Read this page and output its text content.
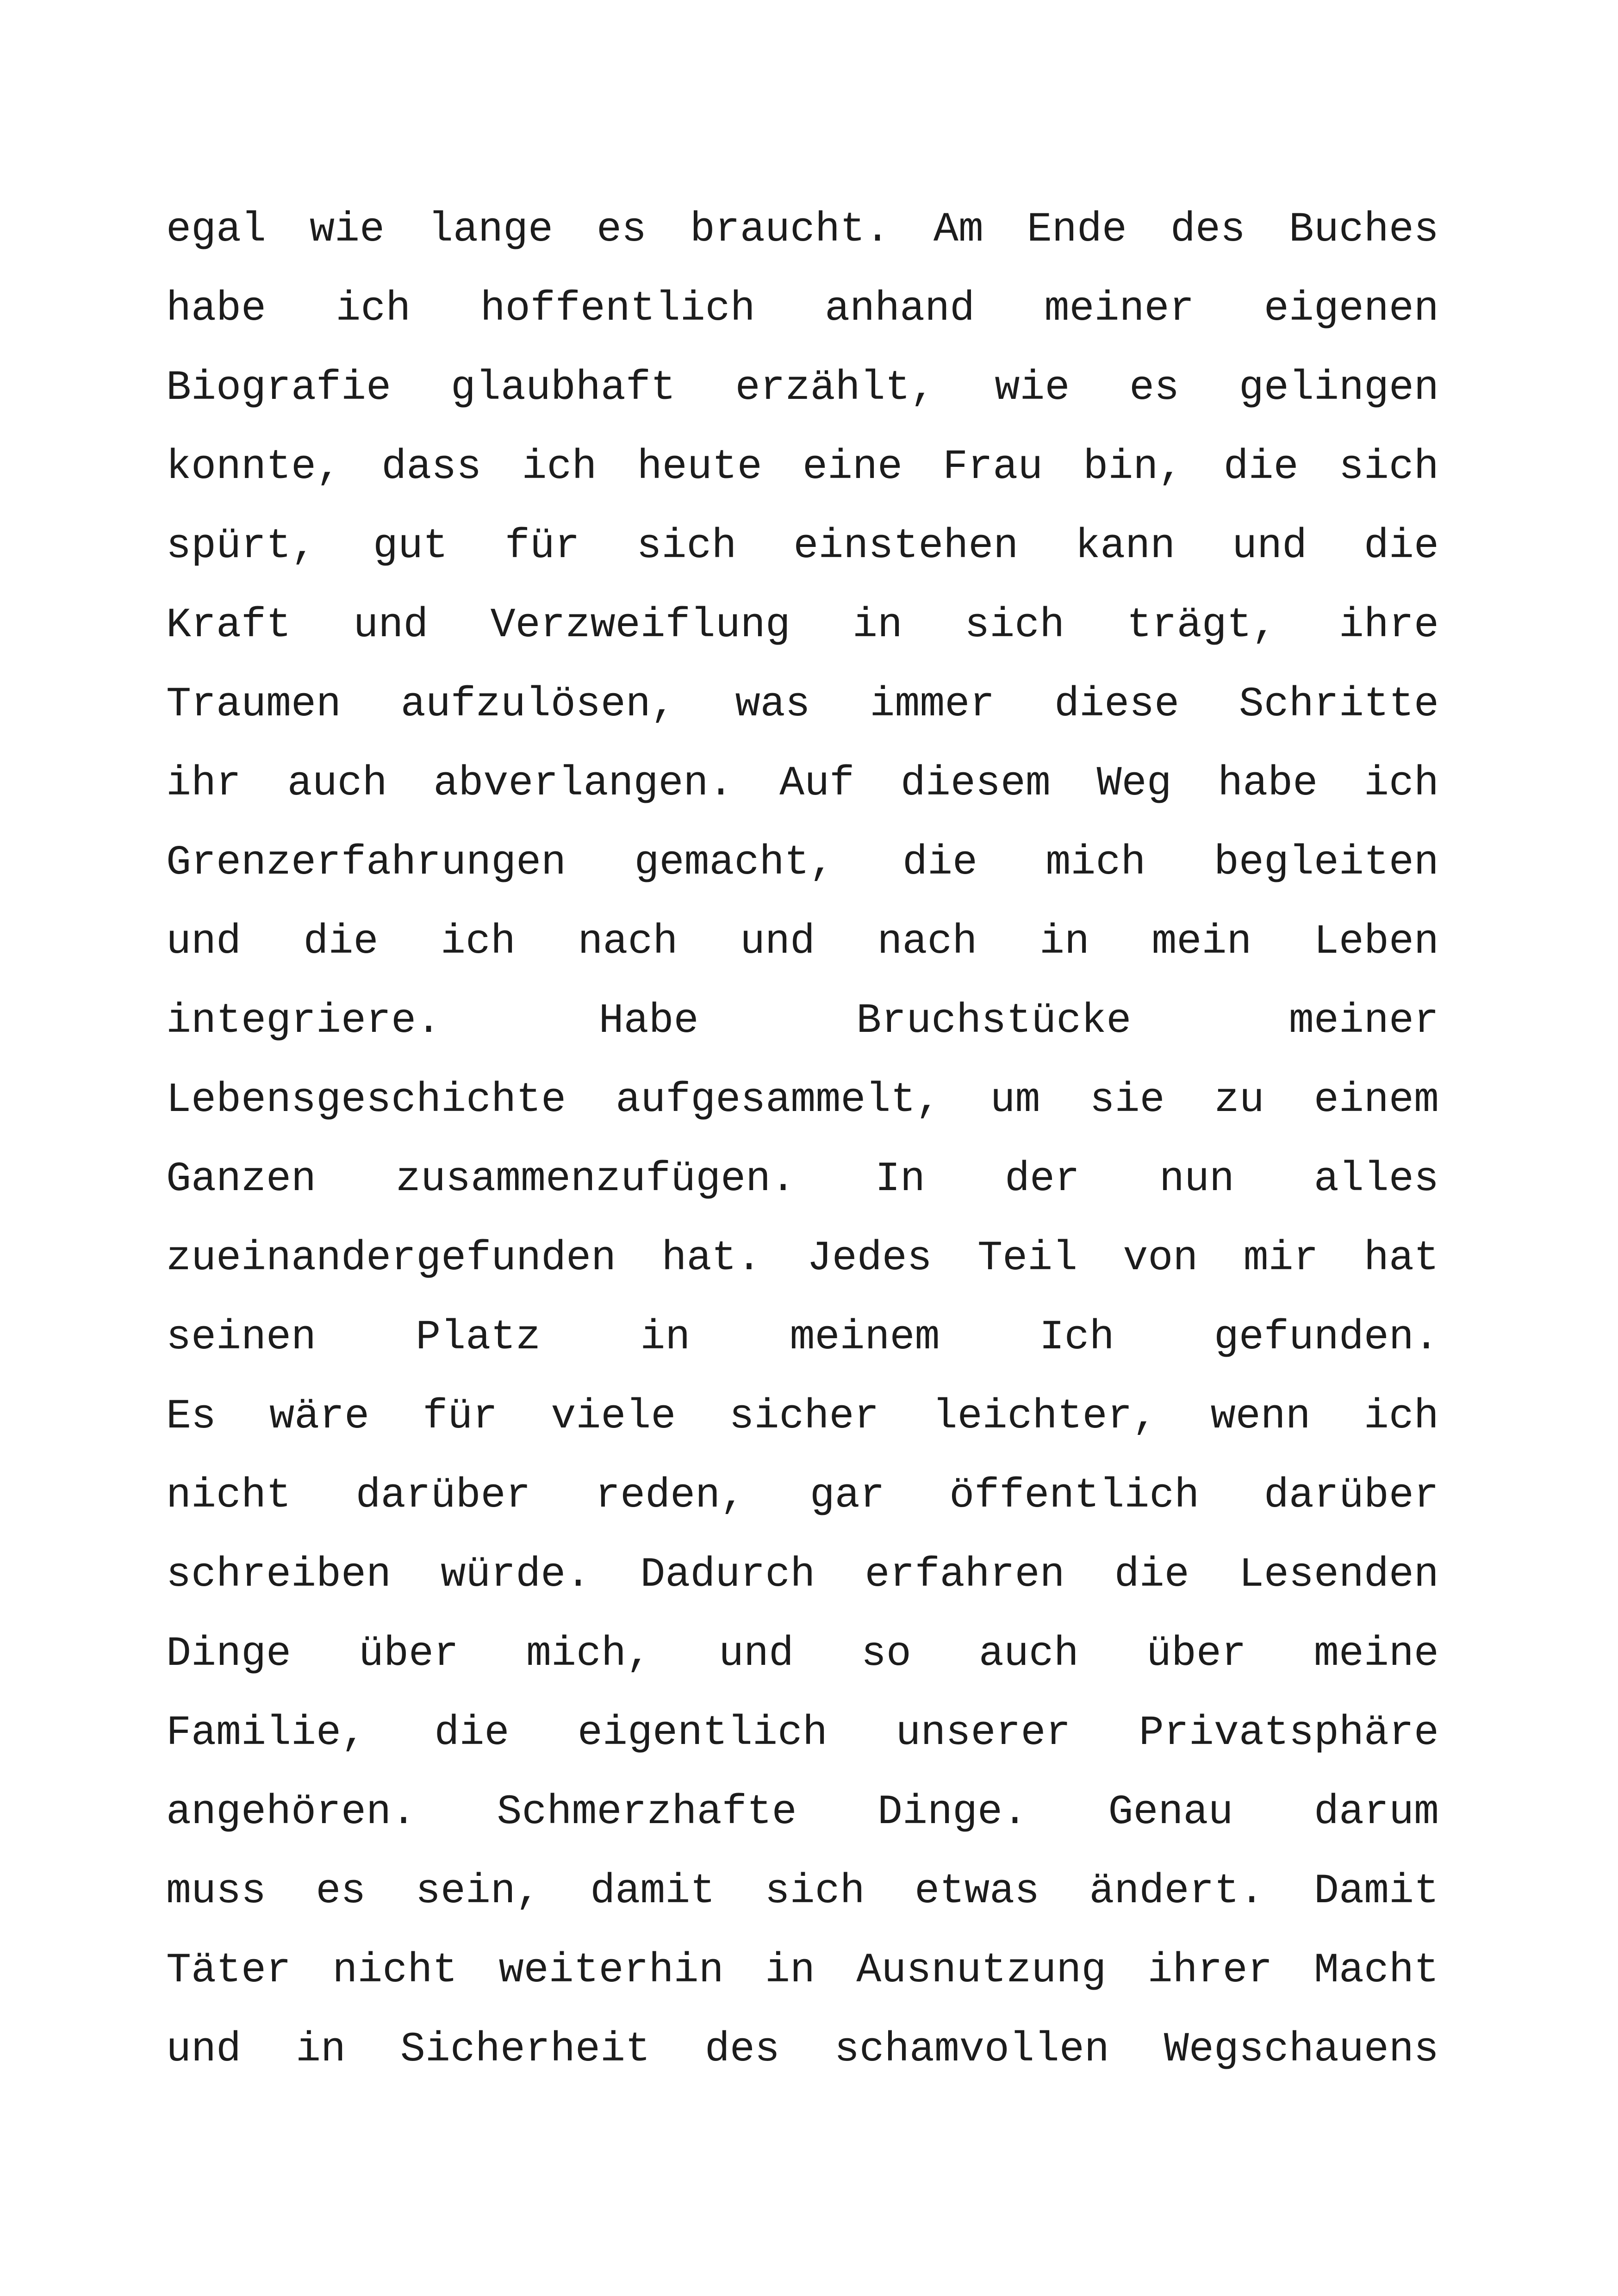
egal wie lange es braucht. Am Ende des Buches
habe ich hoffentlich anhand meiner eigenen
Biografie glaubhaft erzählt, wie es gelingen
konnte, dass ich heute eine Frau bin, die sich
spürt, gut für sich einstehen kann und die
Kraft und Verzweiflung in sich trägt, ihre
Traumen aufzulösen, was immer diese Schritte
ihr auch abverlangen. Auf diesem Weg habe ich
Grenzerfahrungen gemacht, die mich begleiten
und die ich nach und nach in mein Leben
integriere.	Habe	Bruchstücke	meiner
Lebensgeschichte aufgesammelt, um sie zu einem
Ganzen zusammenzufügen. In der nun alles
zueinandergefunden hat. Jedes Teil von mir hat
seinen Platz in meinem Ich gefunden.
Es wäre für viele sicher leichter, wenn ich
nicht darüber reden, gar öffentlich darüber
schreiben würde. Dadurch erfahren die Lesenden
Dinge über mich, und so auch über meine
Familie, die eigentlich unserer Privatsphäre
angehören. Schmerzhafte Dinge. Genau darum
muss es sein, damit sich etwas ändert. Damit
Täter nicht weiterhin in Ausnutzung ihrer Macht
und in Sicherheit des schamvollen Wegschauens
